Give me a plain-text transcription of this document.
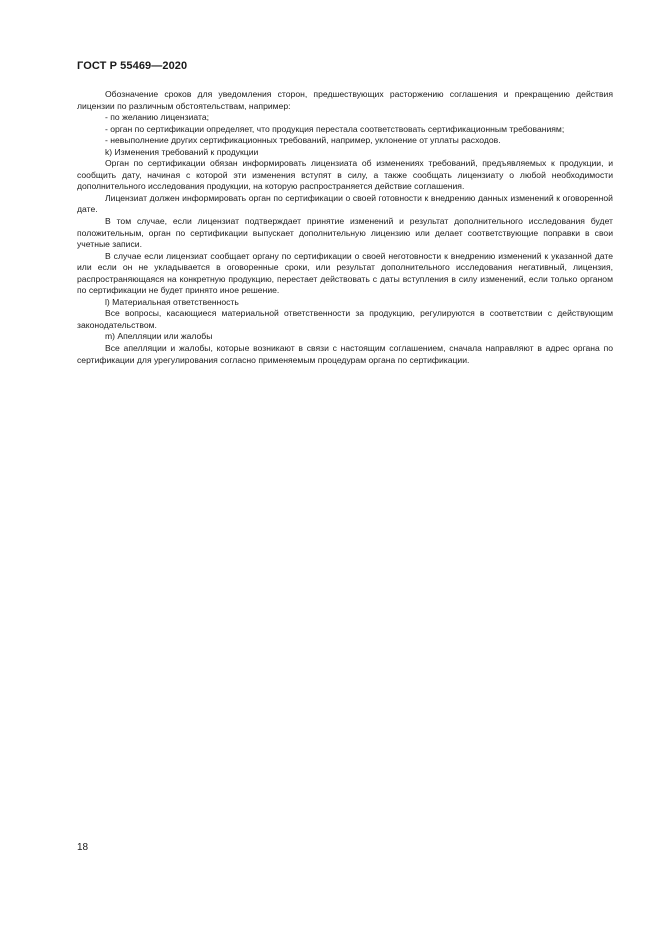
ГОСТ Р 55469—2020

Обозначение сроков для уведомления сторон, предшествующих расторжению соглашения и прекращению действия лицензии по различным обстоятельствам, например:

- по желанию лицензиата;

- орган по сертификации определяет, что продукция перестала соответствовать сертификационным требованиям;

- невыполнение других сертификационных требований, например, уклонение от уплаты расходов.

k) Изменения требований к продукции

Орган по сертификации обязан информировать лицензиата об изменениях требований, предъявляемых к продукции, и сообщить дату, начиная с которой эти изменения вступят в силу, а также сообщать лицензиату о любой необходимости дополнительного исследования продукции, на которую распространяется действие соглашения.

Лицензиат должен информировать орган по сертификации о своей готовности к внедрению данных изменений к оговоренной дате.

В том случае, если лицензиат подтверждает принятие изменений и результат дополнительного исследования будет положительным, орган по сертификации выпускает дополнительную лицензию или делает соответствующие поправки в свои учетные записи.

В случае если лицензиат сообщает органу по сертификации о своей неготовности к внедрению изменений к указанной дате или если он не укладывается в оговоренные сроки, или результат дополнительного исследования негативный, лицензия, распространяющаяся на конкретную продукцию, перестает действовать с даты вступления в силу изменений, если только органом по сертификации не будет принято иное решение.

l) Материальная ответственность

Все вопросы, касающиеся материальной ответственности за продукцию, регулируются в соответствии с действующим законодательством.

m) Апелляции или жалобы

Все апелляции и жалобы, которые возникают в связи с настоящим соглашением, сначала направляют в адрес органа по сертификации для урегулирования согласно применяемым процедурам органа по сертификации.

18
